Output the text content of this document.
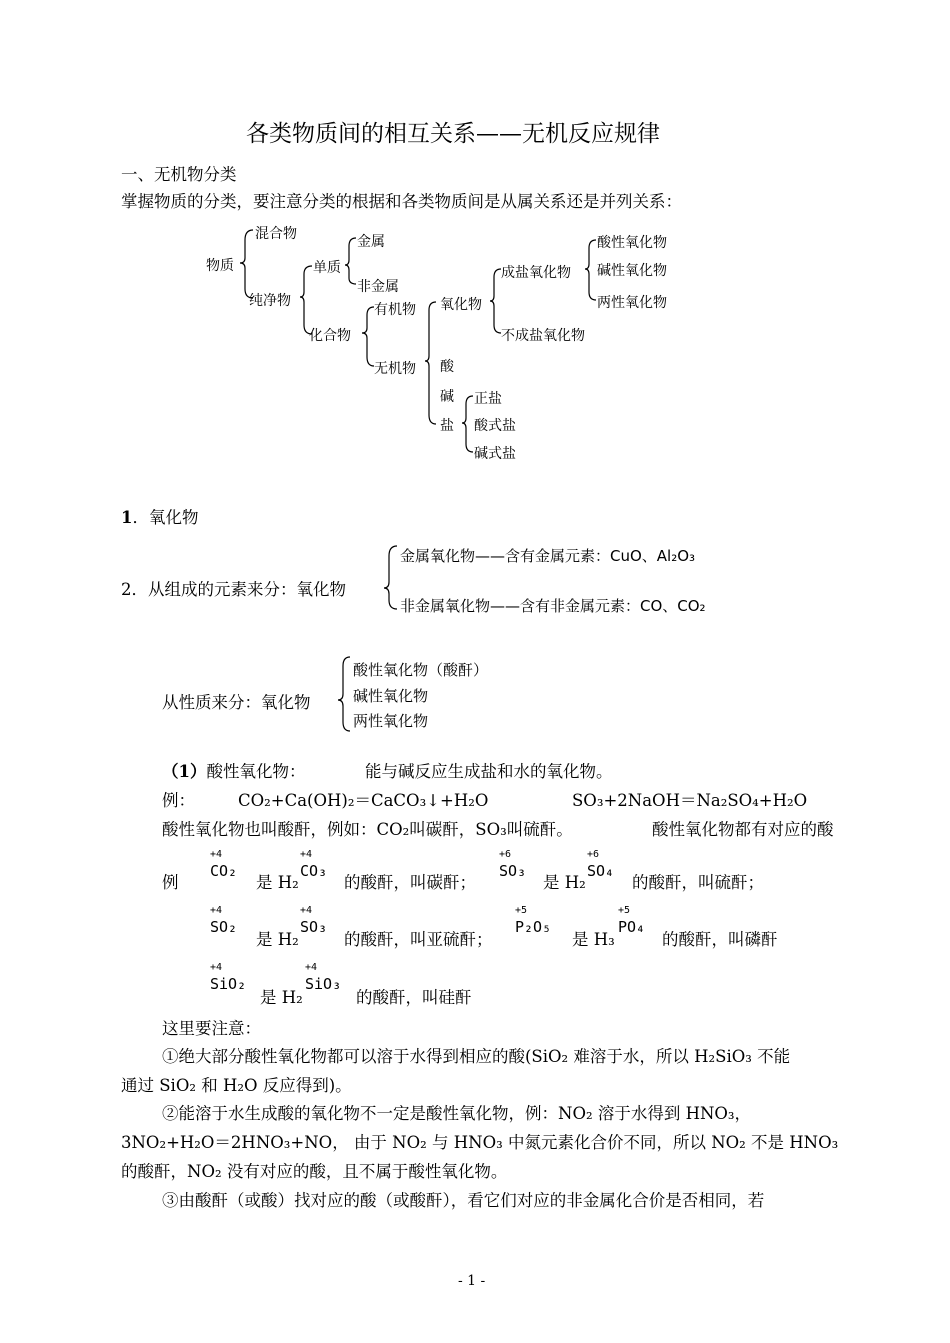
各类物质间的相互关系——无机反应规律
一、无机物分类
掌握物质的分类，要注意分类的根据和各类物质间是从属关系还是并列关系：
物质
混合物
纯净物
单质
金属
非金属
化合物
有机物
无机物
氧化物
酸
碱
盐
成盐氧化物
不成盐氧化物
酸性氧化物
碱性氧化物
两性氧化物
正盐
酸式盐
碱式盐
1．氧化物
2．从组成的元素来分：氧化物
金属氧化物——含有金属元素：CuO、Al₂O₃
非金属氧化物——含有非金属元素：CO、CO₂
从性质来分：氧化物
酸性氧化物（酸酐）
碱性氧化物
两性氧化物
（1）酸性氧化物：	能与碱反应生成盐和水的氧化物。
例：	CO₂+Ca(OH)₂＝CaCO₃↓+H₂O	SO₃+2NaOH＝Na₂SO₄+H₂O
酸性氧化物也叫酸酐，例如：CO₂叫碳酐，SO₃叫硫酐。	酸性氧化物都有对应的酸
例
+4
CO₂
是 H₂
+4
CO₃
的酸酐，叫碳酐；
+6
SO₃
是 H₂
+6
SO₄
的酸酐，叫硫酐；
+4
SO₂
是 H₂
+4
SO₃
的酸酐，叫亚硫酐；
+5
P₂O₅
是 H₃
+5
PO₄
的酸酐，叫磷酐
+4
SiO₂
是 H₂
+4
SiO₃
的酸酐，叫硅酐
这里要注意：
①绝大部分酸性氧化物都可以溶于水得到相应的酸(SiO₂ 难溶于水，所以 H₂SiO₃ 不能
通过 SiO₂ 和 H₂O 反应得到)。
②能溶于水生成酸的氧化物不一定是酸性氧化物，例：NO₂ 溶于水得到 HNO₃，
3NO₂+H₂O＝2HNO₃+NO， 由于 NO₂ 与 HNO₃ 中氮元素化合价不同，所以 NO₂ 不是 HNO₃
的酸酐，NO₂ 没有对应的酸，且不属于酸性氧化物。
③由酸酐（或酸）找对应的酸（或酸酐），看它们对应的非金属化合价是否相同，若
- 1 -
